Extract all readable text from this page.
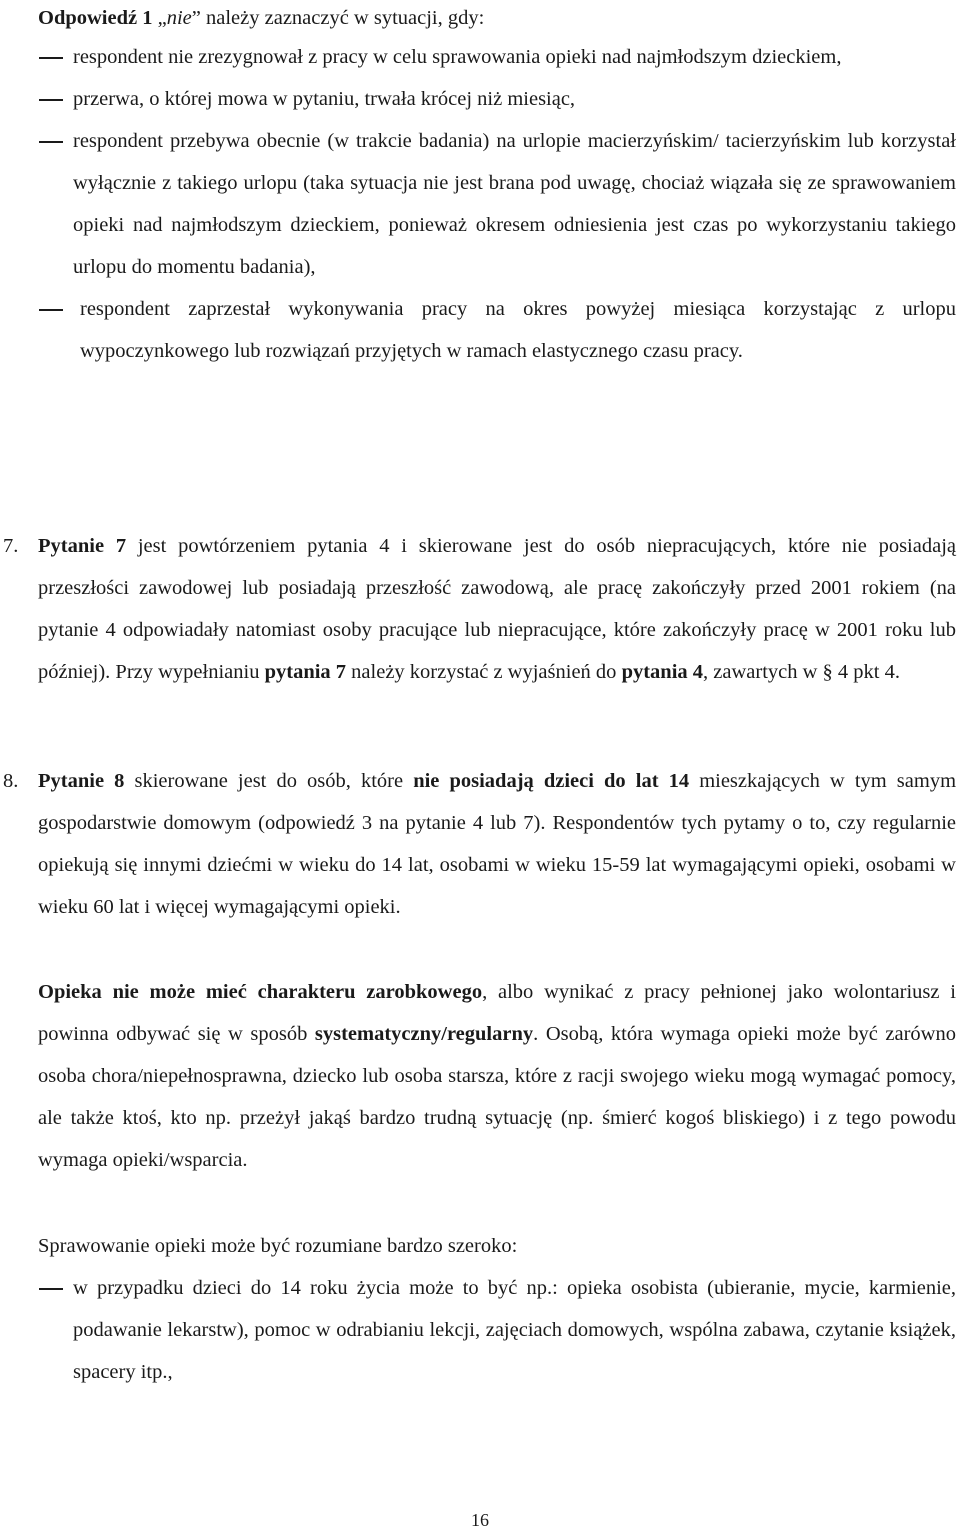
Odpowiedź 1 „nie” należy zaznaczyć w sytuacji, gdy:
respondent nie zrezygnował z pracy w celu sprawowania opieki nad najmłodszym dzieckiem,
przerwa, o której mowa w pytaniu, trwała krócej niż miesiąc,
respondent przebywa obecnie (w trakcie badania) na urlopie macierzyńskim/ tacierzyńskim lub korzystał wyłącznie z takiego urlopu (taka sytuacja nie jest brana pod uwagę, chociaż wiązała się ze sprawowaniem opieki nad najmłodszym dzieckiem, ponieważ okresem odniesienia jest czas po wykorzystaniu takiego urlopu do momentu badania),
respondent zaprzestał wykonywania pracy na okres powyżej miesiąca korzystając z urlopu wypoczynkowego lub rozwiązań przyjętych w ramach elastycznego czasu pracy.
7. Pytanie 7 jest powtórzeniem pytania 4 i skierowane jest do osób niepracujących, które nie posiadają przeszłości zawodowej lub posiadają przeszłość zawodową, ale pracę zakończyły przed 2001 rokiem (na pytanie 4 odpowiadały natomiast osoby pracujące lub niepracujące, które zakończyły pracę w 2001 roku lub później). Przy wypełnianiu pytania 7 należy korzystać z wyjaśnień do pytania 4, zawartych w § 4 pkt 4.
8. Pytanie 8 skierowane jest do osób, które nie posiadają dzieci do lat 14 mieszkających w tym samym gospodarstwie domowym (odpowiedź 3 na pytanie 4 lub 7). Respondentów tych pytamy o to, czy regularnie opiekują się innymi dziećmi w wieku do 14 lat, osobami w wieku 15-59 lat wymagającymi opieki, osobami w wieku 60 lat i więcej wymagającymi opieki.
Opieka nie może mieć charakteru zarobkowego, albo wynikać z pracy pełnionej jako wolontariusz i powinna odbywać się w sposób systematyczny/regularny. Osobą, która wymaga opieki może być zarówno osoba chora/niepełnosprawna, dziecko lub osoba starsza, które z racji swojego wieku mogą wymagać pomocy, ale także ktoś, kto np. przeżył jakąś bardzo trudną sytuację (np. śmierć kogoś bliskiego) i z tego powodu wymaga opieki/wsparcia.
Sprawowanie opieki może być rozumiane bardzo szeroko:
w przypadku dzieci do 14 roku życia może to być np.: opieka osobista (ubieranie, mycie, karmienie, podawanie lekarstw), pomoc w odrabianiu lekcji, zajęciach domowych, wspólna zabawa, czytanie książek, spacery itp.,
16
